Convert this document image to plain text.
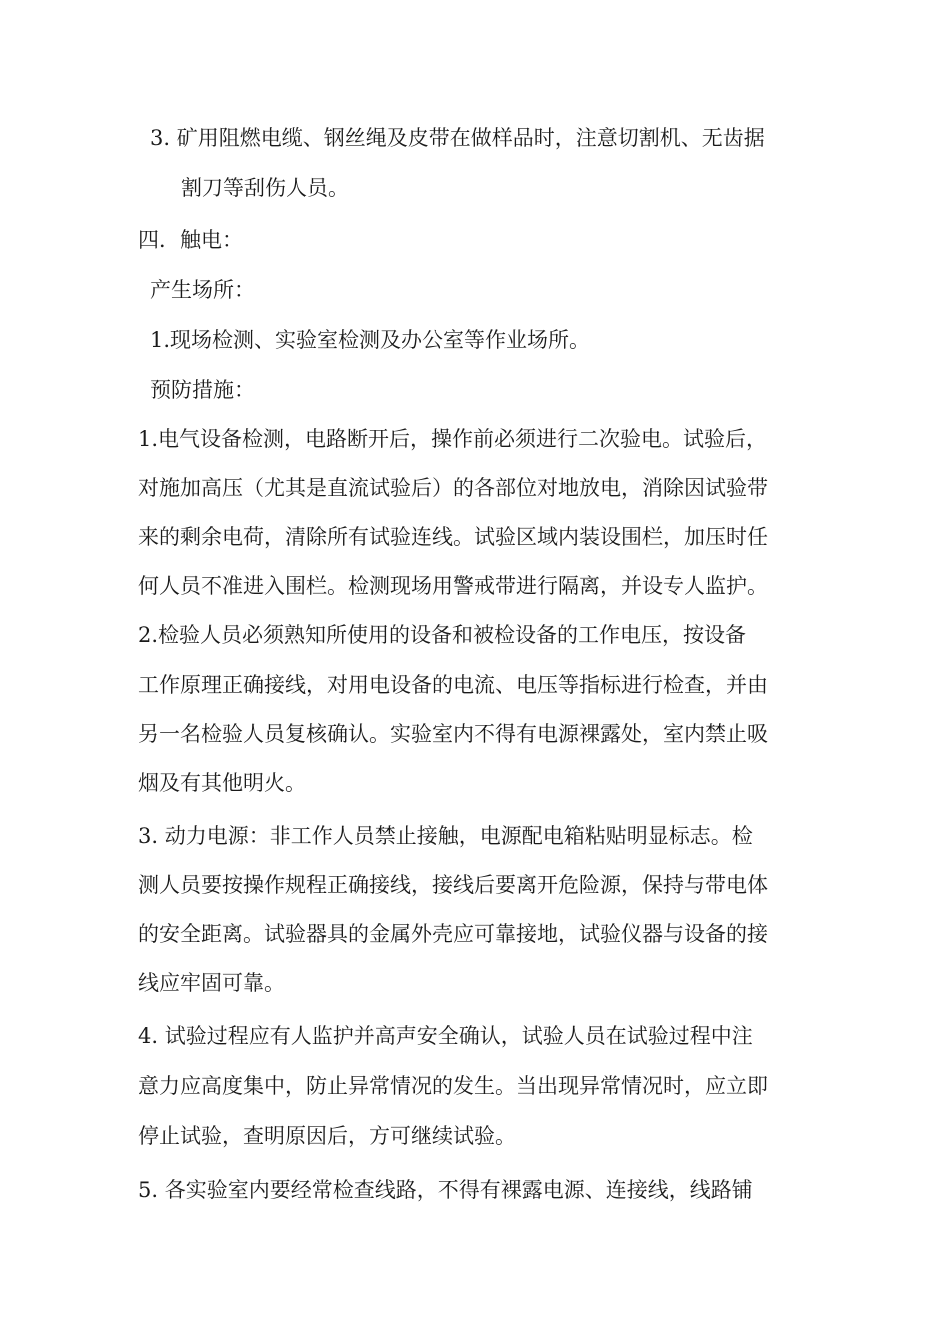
3. 矿用阻燃电缆、钢丝绳及皮带在做样品时，注意切割机、无齿据
割刀等刮伤人员。
四．触电：
产生场所：
1.现场检测、实验室检测及办公室等作业场所。
预防措施：
1.电气设备检测，电路断开后，操作前必须进行二次验电。试验后，
对施加高压（尤其是直流试验后）的各部位对地放电，消除因试验带
来的剩余电荷，清除所有试验连线。试验区域内装设围栏，加压时任
何人员不准进入围栏。检测现场用警戒带进行隔离，并设专人监护。
2.检验人员必须熟知所使用的设备和被检设备的工作电压，按设备
工作原理正确接线，对用电设备的电流、电压等指标进行检查，并由
另一名检验人员复核确认。实验室内不得有电源裸露处，室内禁止吸
烟及有其他明火。
3. 动力电源：非工作人员禁止接触，电源配电箱粘贴明显标志。检
测人员要按操作规程正确接线，接线后要离开危险源，保持与带电体
的安全距离。试验器具的金属外壳应可靠接地，试验仪器与设备的接
线应牢固可靠。
4. 试验过程应有人监护并高声安全确认，试验人员在试验过程中注
意力应高度集中，防止异常情况的发生。当出现异常情况时，应立即
停止试验，查明原因后，方可继续试验。
5. 各实验室内要经常检查线路，不得有裸露电源、连接线，线路铺
